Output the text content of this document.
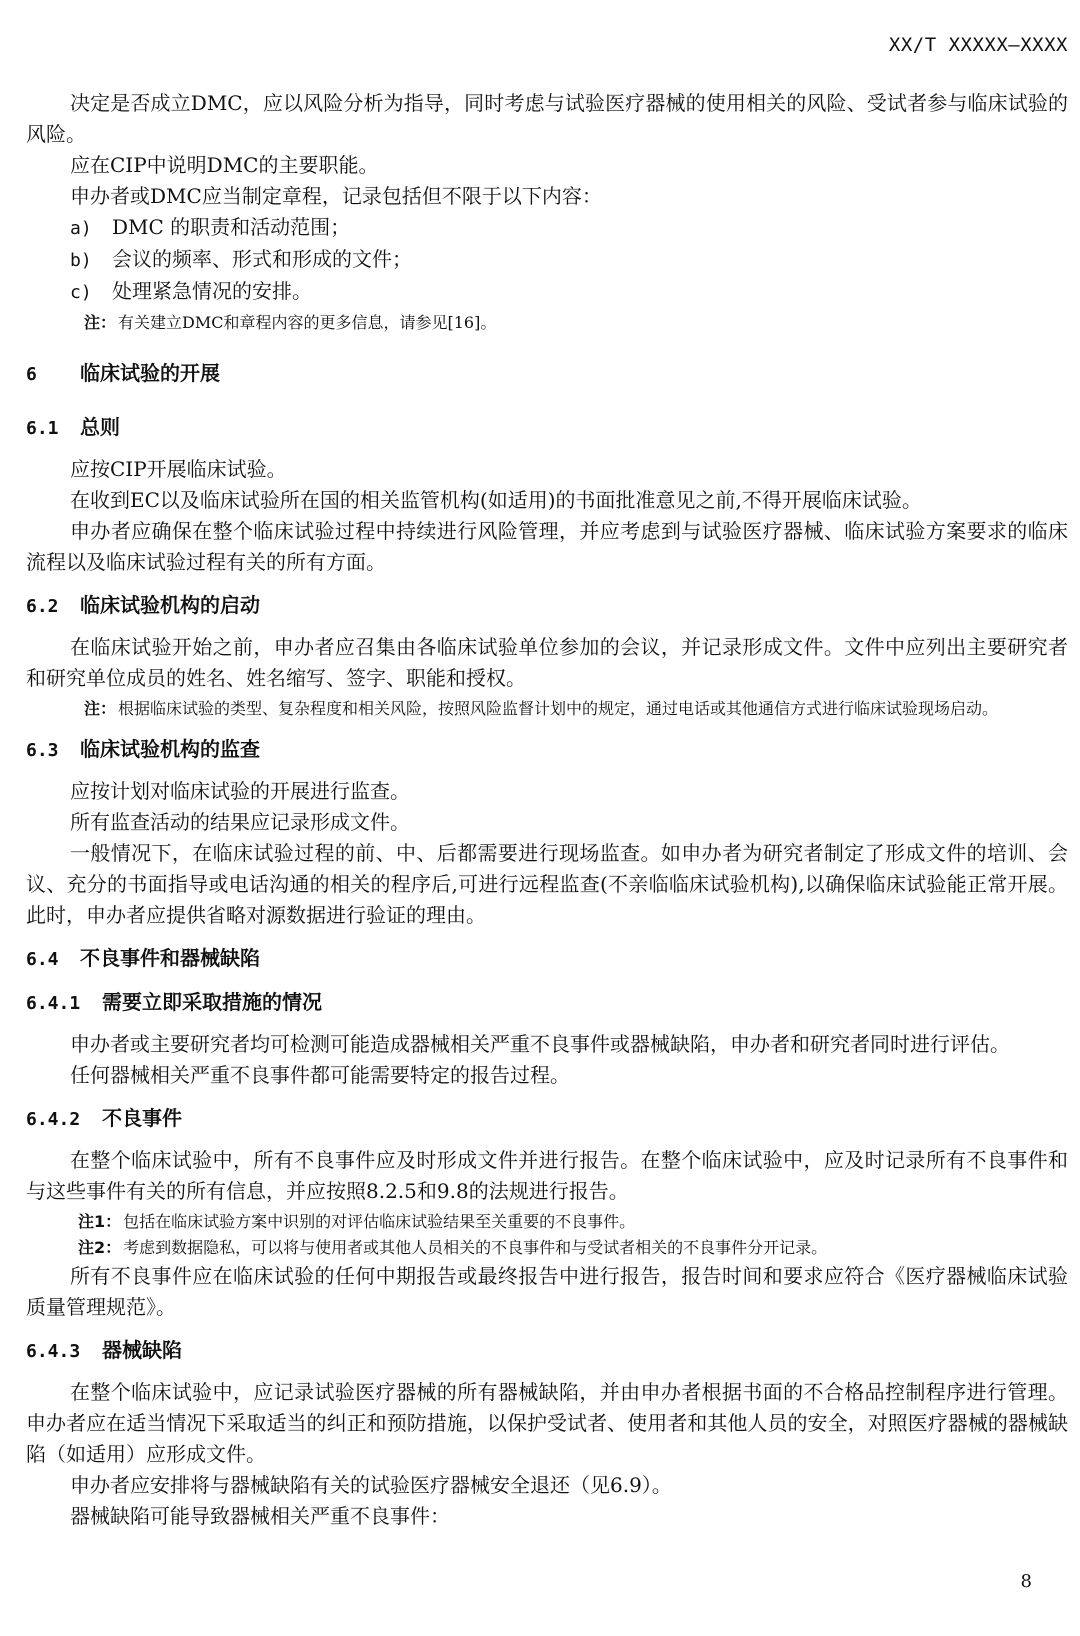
XX/T XXXXX—XXXX

决定是否成立DMC，应以风险分析为指导，同时考虑与试验医疗器械的使用相关的风险、受试者参与临床试验的风险。

应在CIP中说明DMC的主要职能。

申办者或DMC应当制定章程，记录包括但不限于以下内容：

a) DMC 的职责和活动范围；
b) 会议的频率、形式和形成的文件；
c) 处理紧急情况的安排。
注： 有关建立DMC和章程内容的更多信息，请参见[16]。
6 临床试验的开展
6.1 总则

应按CIP开展临床试验。

在收到EC以及临床试验所在国的相关监管机构(如适用)的书面批准意见之前,不得开展临床试验。

申办者应确保在整个临床试验过程中持续进行风险管理，并应考虑到与试验医疗器械、临床试验方案要求的临床流程以及临床试验过程有关的所有方面。

6.2 临床试验机构的启动

在临床试验开始之前，申办者应召集由各临床试验单位参加的会议，并记录形成文件。文件中应列出主要研究者和研究单位成员的姓名、姓名缩写、签字、职能和授权。

注： 根据临床试验的类型、复杂程度和相关风险，按照风险监督计划中的规定，通过电话或其他通信方式进行临床试验现场启动。
6.3 临床试验机构的监查

应按计划对临床试验的开展进行监查。

所有监查活动的结果应记录形成文件。

一般情况下，在临床试验过程的前、中、后都需要进行现场监查。如申办者为研究者制定了形成文件的培训、会议、充分的书面指导或电话沟通的相关的程序后,可进行远程监查(不亲临临床试验机构),以确保临床试验能正常开展。此时，申办者应提供省略对源数据进行验证的理由。

6.4 不良事件和器械缺陷
6.4.1 需要立即采取措施的情况

申办者或主要研究者均可检测可能造成器械相关严重不良事件或器械缺陷，申办者和研究者同时进行评估。

任何器械相关严重不良事件都可能需要特定的报告过程。

6.4.2 不良事件

在整个临床试验中，所有不良事件应及时形成文件并进行报告。在整个临床试验中，应及时记录所有不良事件和与这些事件有关的所有信息，并应按照8.2.5和9.8的法规进行报告。

注1： 包括在临床试验方案中识别的对评估临床试验结果至关重要的不良事件。
注2： 考虑到数据隐私，可以将与使用者或其他人员相关的不良事件和与受试者相关的不良事件分开记录。

所有不良事件应在临床试验的任何中期报告或最终报告中进行报告，报告时间和要求应符合《医疗器械临床试验质量管理规范》。

6.4.3 器械缺陷

在整个临床试验中，应记录试验医疗器械的所有器械缺陷，并由申办者根据书面的不合格品控制程序进行管理。申办者应在适当情况下采取适当的纠正和预防措施，以保护受试者、使用者和其他人员的安全，对照医疗器械的器械缺陷（如适用）应形成文件。

申办者应安排将与器械缺陷有关的试验医疗器械安全退还（见6.9）。

器械缺陷可能导致器械相关严重不良事件：

8
